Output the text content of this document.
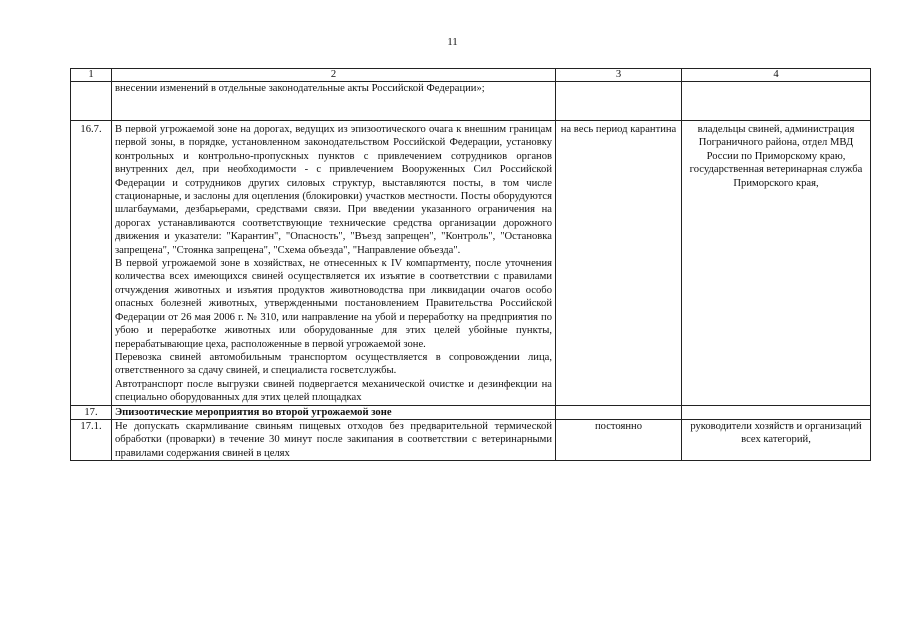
11
1	2	3	4

	внесении изменений в отдельные законодательные акты Российской Федерации»;		

16.7.	В первой угрожаемой зоне на дорогах, ведущих из эпизоотического очага к внешним границам первой зоны, в порядке, установленном законодательством Российской Федерации, установку контрольных и контрольно-пропускных пунктов с привлечением сотрудников органов внутренних дел, при необходимости - с привлечением Вооруженных Сил Российской Федерации и сотрудников других силовых структур, выставляются посты, в том числе стационарные, и заслоны для оцепления (блокировки) участков местности. Посты оборудуются шлагбаумами, дезбарьерами, средствами связи. При введении указанного ограничения на дорогах устанавливаются соответствующие технические средства организации дорожного движения и указатели: "Карантин", "Опасность", "Въезд запрещен", "Контроль", "Остановка запрещена", "Стоянка запрещена", "Схема объезда", "Направление объезда".

В первой угрожаемой зоне в хозяйствах, не отнесенных к IV компартменту, после уточнения количества всех имеющихся свиней осуществляется их изъятие в соответствии с правилами отчуждения животных и изъятия продуктов животноводства при ликвидации очагов особо опасных болезней животных, утвержденными постановлением Правительства Российской Федерации от 26 мая 2006 г. № 310, или направление на убой и переработку на предприятия по убою и переработке животных или оборудованные для этих целей убойные пункты, перерабатывающие цеха, расположенные в первой угрожаемой зоне.

Перевозка свиней автомобильным транспортом осуществляется в сопровождении лица, ответственного за сдачу свиней, и специалиста госветслужбы.

Автотранспорт после выгрузки свиней подвергается механической очистке и дезинфекции на специально оборудованных для этих целей площадках	на весь период карантина	владельцы свиней, администрация Пограничного района, отдел МВД России по Приморскому краю, государственная ветеринарная служба Приморского края,
17.	Эпизоотические мероприятия во второй угрожаемой зоне		
17.1.	Не допускать скармливание свиньям пищевых отходов без предварительной термической обработки (проварки) в течение 30 минут после закипания в соответствии с ветеринарными правилами содержания свиней в целях	постоянно	руководители хозяйств и организаций всех категорий,
